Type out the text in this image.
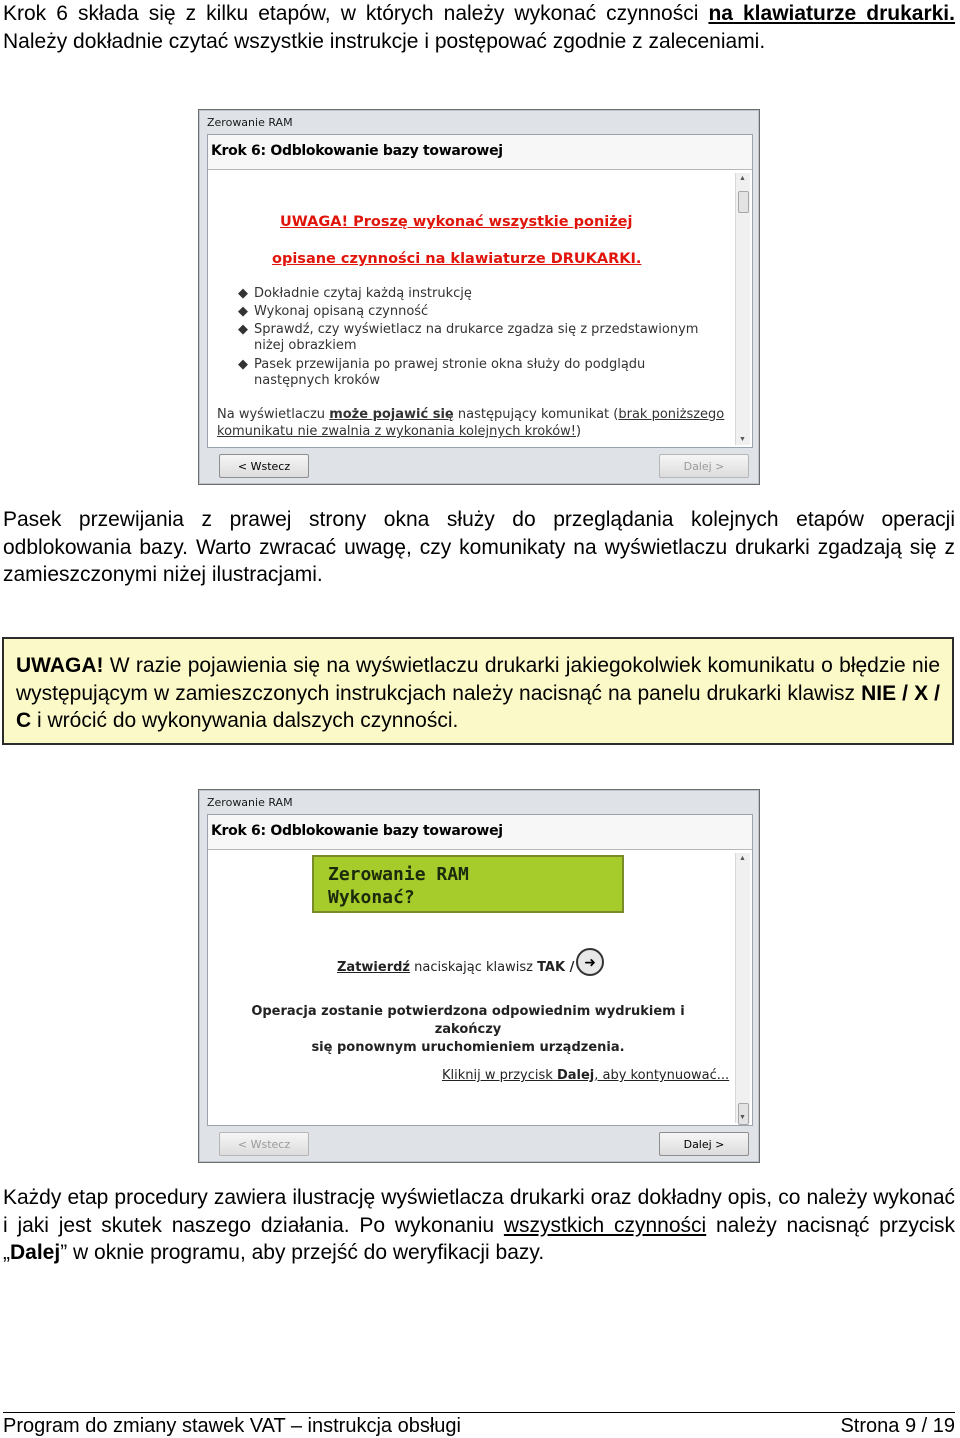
Krok 6 składa się z kilku etapów, w których należy wykonać czynności na klawiaturze drukarki. Należy dokładnie czytać wszystkie instrukcje i postępować zgodnie z zaleceniami.
Zerowanie RAM
Krok 6: Odblokowanie bazy towarowej
UWAGA! Proszę wykonać wszystkie poniżej
opisane czynności na klawiaturze DRUKARKI.
◆ Dokładnie czytaj każdą instrukcję
◆ Wykonaj opisaną czynność
◆ Sprawdź, czy wyświetlacz na drukarce zgadza się z przedstawionym niżej obrazkiem
◆ Pasek przewijania po prawej stronie okna służy do podglądu następnych kroków
Na wyświetlaczu może pojawić się następujący komunikat (brak poniższego komunikatu nie zwalnia z wykonania kolejnych kroków!)
▲
▼
< Wstecz	Dalej >
Pasek przewijania z prawej strony okna służy do przeglądania kolejnych etapów operacji odblokowania bazy. Warto zwracać uwagę, czy komunikaty na wyświetlaczu drukarki zgadzają się z zamieszczonymi niżej ilustracjami.

UWAGA! W razie pojawienia się na wyświetlaczu drukarki jakiegokolwiek komunikatu o błędzie nie występującym w zamieszczonych instrukcjach należy nacisnąć na panelu drukarki klawisz NIE / X / C i wrócić do wykonywania dalszych czynności.

Zerowanie RAM
Krok 6: Odblokowanie bazy towarowej
Zerowanie RAM
Wykonać?
Zatwierdź naciskając klawisz TAK / ➜
Operacja zostanie potwierdzona odpowiednim wydrukiem i zakończy
się ponownym uruchomieniem urządzenia.
Kliknij w przycisk Dalej, aby kontynuować...
▲
▼
< Wstecz	Dalej >
Każdy etap procedury zawiera ilustrację wyświetlacza drukarki oraz dokładny opis, co należy wykonać i jaki jest skutek naszego działania. Po wykonaniu wszystkich czynności należy nacisnąć przycisk „Dalej” w oknie programu, aby przejść do weryfikacji bazy.
Program do zmiany stawek VAT – instrukcja obsługi	Strona 9 / 19
